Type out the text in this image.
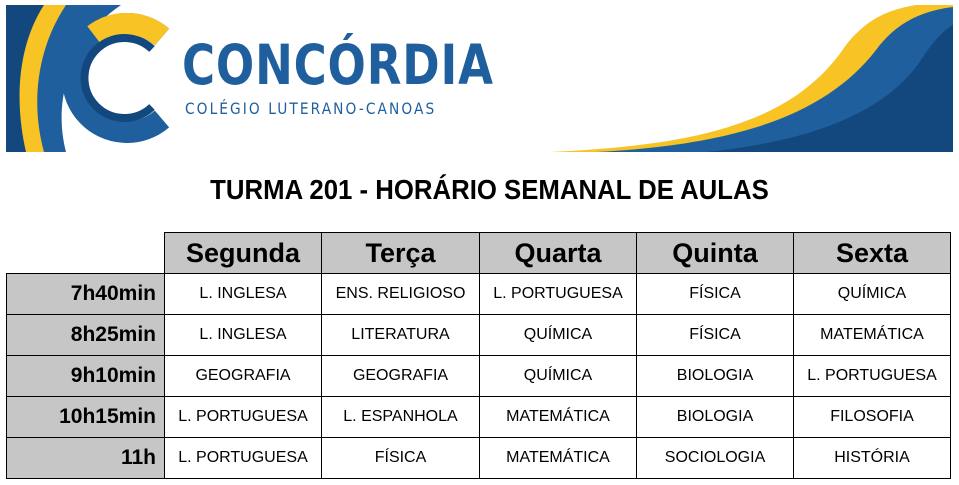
CONCÓRDIA
COLÉGIO LUTERANO-CANOAS
TURMA 201 - HORÁRIO SEMANAL DE AULAS
	Segunda	Terça	Quarta	Quinta	Sexta
7h40min	L. INGLESA	ENS. RELIGIOSO	L. PORTUGUESA	FÍSICA	QUÍMICA
8h25min	L. INGLESA	LITERATURA	QUÍMICA	FÍSICA	MATEMÁTICA
9h10min	GEOGRAFIA	GEOGRAFIA	QUÍMICA	BIOLOGIA	L. PORTUGUESA
10h15min	L. PORTUGUESA	L. ESPANHOLA	MATEMÁTICA	BIOLOGIA	FILOSOFIA
11h	L. PORTUGUESA	FÍSICA	MATEMÁTICA	SOCIOLOGIA	HISTÓRIA
